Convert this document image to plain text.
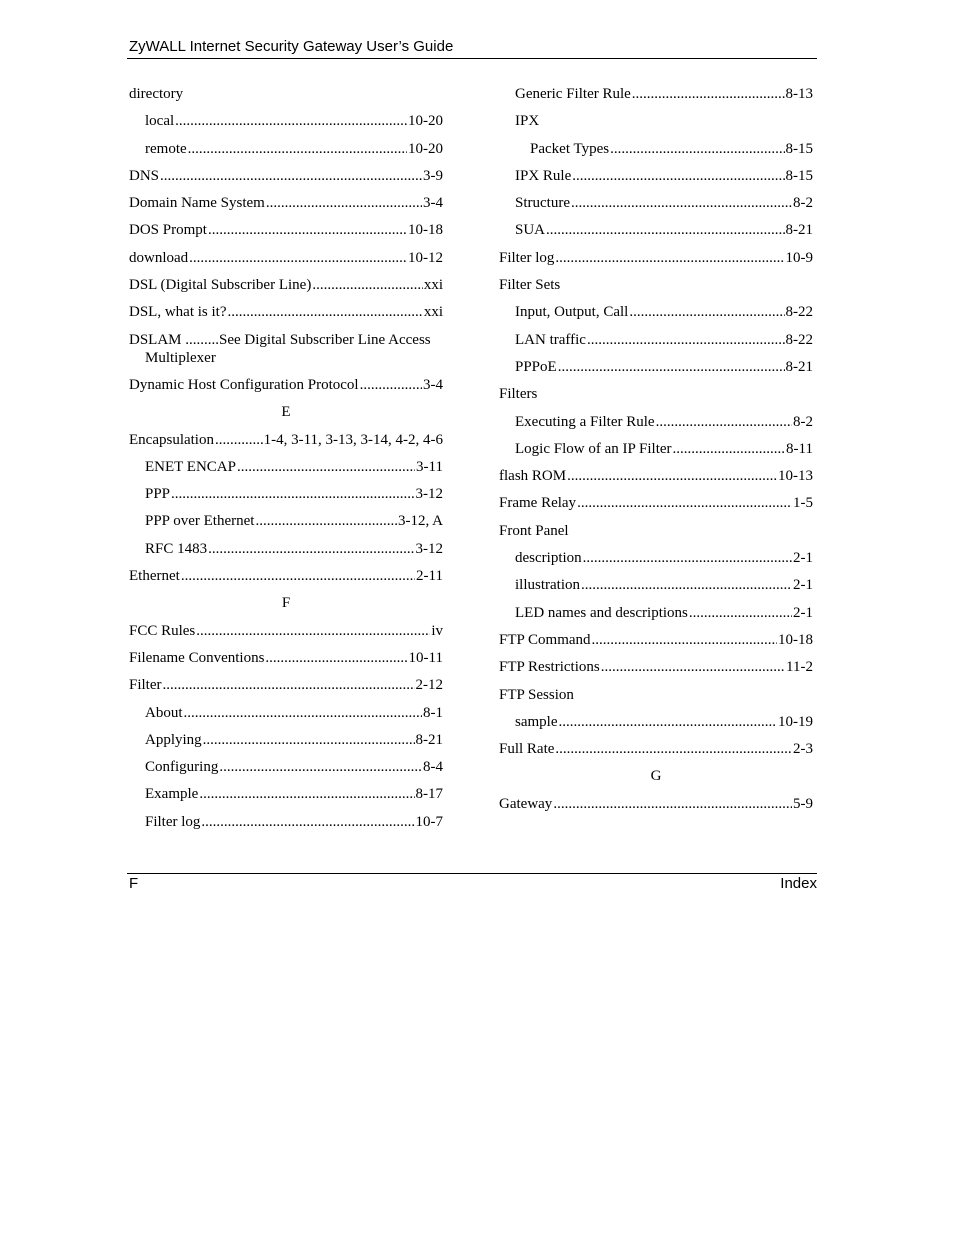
ZyWALL Internet Security Gateway User’s Guide
directory
local .....	10-20
remote .....	10-20
DNS .....	3-9
Domain Name System .....	3-4
DOS Prompt .....	10-18
download .....	10-12
DSL (Digital Subscriber Line) .....	xxi
DSL, what is it? .....	xxi
DSLAM .........See Digital Subscriber Line Access Multiplexer
Dynamic Host Configuration Protocol .....	3-4
E
Encapsulation .....	1-4, 3-11, 3-13, 3-14, 4-2, 4-6
ENET ENCAP .....	3-11
PPP .....	3-12
PPP over Ethernet .....	3-12, A
RFC 1483 .....	3-12
Ethernet .....	2-11
F
FCC Rules .....	iv
Filename Conventions .....	10-11
Filter .....	2-12
About .....	8-1
Applying .....	8-21
Configuring .....	8-4
Example .....	8-17
Filter log .....	10-7
Generic Filter Rule .....	8-13
IPX
Packet Types .....	8-15
IPX Rule .....	8-15
Structure .....	8-2
SUA .....	8-21
Filter log .....	10-9
Filter Sets
Input, Output, Call .....	8-22
LAN traffic .....	8-22
PPPoE .....	8-21
Filters
Executing a Filter Rule .....	8-2
Logic Flow of an IP Filter .....	8-11
flash ROM .....	10-13
Frame Relay .....	1-5
Front Panel
description .....	2-1
illustration .....	2-1
LED names and descriptions .....	2-1
FTP Command .....	10-18
FTP Restrictions .....	11-2
FTP Session
sample .....	10-19
Full Rate .....	2-3
G
Gateway .....	5-9
F	Index
